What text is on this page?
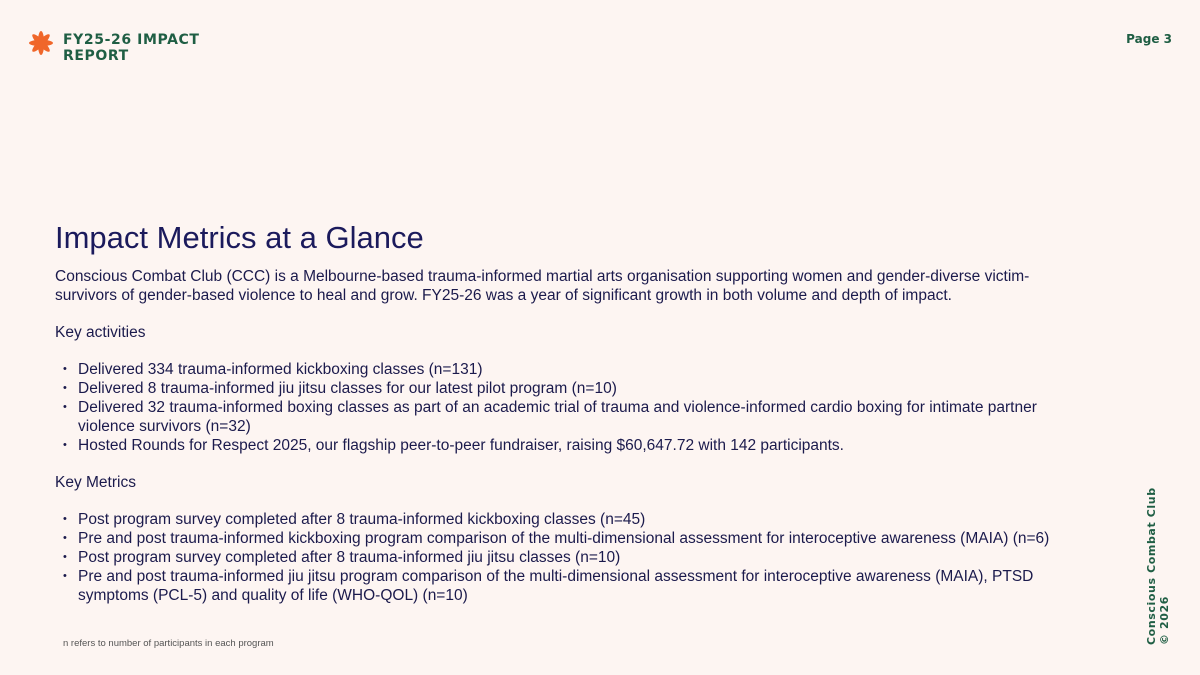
FY25-26 IMPACT REPORT
Page 3
Impact Metrics at a Glance

Conscious Combat Club (CCC) is a Melbourne-based trauma-informed martial arts organisation supporting women and gender-diverse victim-survivors of gender-based violence to heal and grow. FY25-26 was a year of significant growth in both volume and depth of impact.

Key activities

• Delivered 334 trauma-informed kickboxing classes (n=131)
• Delivered 8 trauma-informed jiu jitsu classes for our latest pilot program (n=10)
• Delivered 32 trauma-informed boxing classes as part of an academic trial of trauma and violence-informed cardio boxing for intimate partner violence survivors (n=32)
• Hosted Rounds for Respect 2025, our flagship peer-to-peer fundraiser, raising $60,647.72 with 142 participants.

Key Metrics

• Post program survey completed after 8 trauma-informed kickboxing classes (n=45)
• Pre and post trauma-informed kickboxing program comparison of the multi-dimensional assessment for interoceptive awareness (MAIA) (n=6)
• Post program survey completed after 8 trauma-informed jiu jitsu classes (n=10)
• Pre and post trauma-informed jiu jitsu program comparison of the multi-dimensional assessment for interoceptive awareness (MAIA), PTSD symptoms (PCL-5) and quality of life (WHO-QOL) (n=10)
n refers to number of participants in each program	Conscious Combat Club © 2026
